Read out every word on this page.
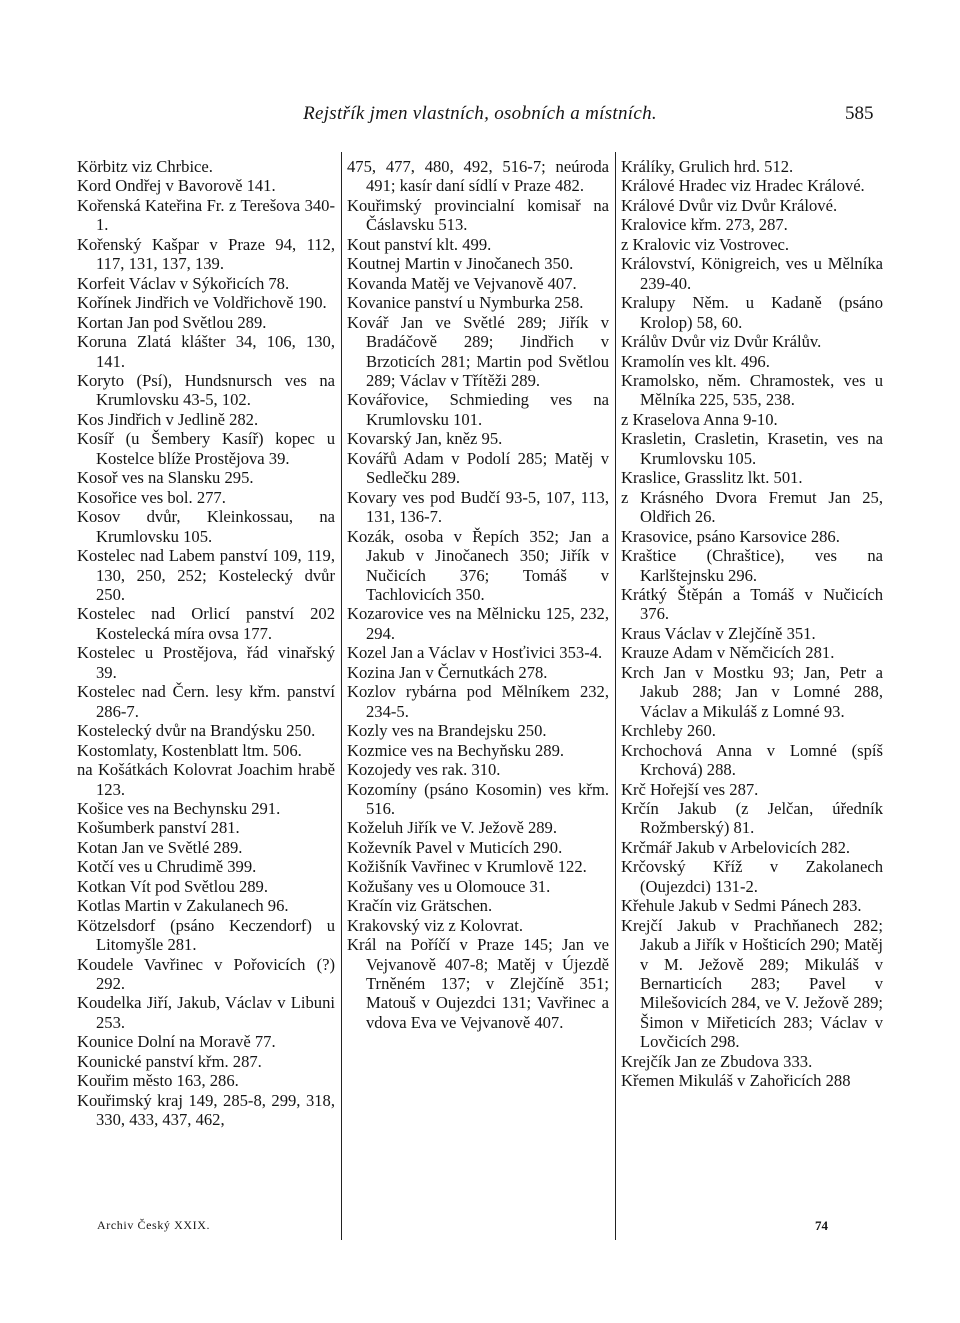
Rejstřík jmen vlastních, osobních a místních.	585
Körbitz viz Chrbice.
Kord Ondřej v Bavorově 141.
Kořenská Kateřina Fr. z Terešova 340-1.
Kořenský Kašpar v Praze 94, 112, 117, 131, 137, 139.
Korfeit Václav v Sýkořicích 78.
Kořínek Jindřich ve Voldřichově 190.
Kortan Jan pod Světlou 289.
Koruna Zlatá klášter 34, 106, 130, 141.
Koryto (Psí), Hundsnursch ves na Krumlovsku 43-5, 102.
Kos Jindřich v Jedlině 282.
Kosíř (u Šembery Kasíř) kopec u Kostelce blíže Prostějova 39.
Kosoř ves na Slansku 295.
Kosořice ves bol. 277.
Kosov dvůr, Kleinkossau, na Krumlovsku 105.
Kostelec nad Labem panství 109, 119, 130, 250, 252; Kostelecký dvůr 250.
Kostelec nad Orlicí panství 202 Kostelecká míra ovsa 177.
Kostelec u Prostějova, řád vinařský 39.
Kostelec nad Čern. lesy křm. panství 286-7.
Kostelecký dvůr na Brandýsku 250.
Kostomlaty, Kostenblatt ltm. 506.
na Košátkách Kolovrat Joachim hrabě 123.
Košice ves na Bechynsku 291.
Košumberk panství 281.
Kotan Jan ve Světlé 289.
Kotčí ves u Chrudimě 399.
Kotkan Vít pod Světlou 289.
Kotlas Martin v Zakulanech 96.
Kötzelsdorf (psáno Keczendorf) u Litomyšle 281.
Koudele Vavřinec v Pořovicích (?) 292.
Koudelka Jiří, Jakub, Václav v Libuni 253.
Kounice Dolní na Moravě 77.
Kounické panství křm. 287.
Kouřim město 163, 286.
Kouřimský kraj 149, 285-8, 299, 318, 330, 433, 437, 462,
475, 477, 480, 492, 516-7; neúroda 491; kasír daní sídlí v Praze 482.
Kouřimský provincialní komisař na Čáslavsku 513.
Kout panství klt. 499.
Koutnej Martin v Jinočanech 350.
Kovanda Matěj ve Vejvanově 407.
Kovanice panství u Nymburka 258.
Kovář Jan ve Světlé 289; Jiřík v Bradáčově 289; Jindřich v Brzoticích 281; Martin pod Světlou 289; Václav v Třítěži 289.
Kovářovice, Schmieding ves na Krumlovsku 101.
Kovarský Jan, kněz 95.
Kovářů Adam v Podolí 285; Matěj v Sedlečku 289.
Kovary ves pod Budčí 93-5, 107, 113, 131, 136-7.
Kozák, osoba v Řepích 352; Jan a Jakub v Jinočanech 350; Jiřík v Nučicích 376; Tomáš v Tachlovicích 350.
Kozarovice ves na Mělnicku 125, 232, 294.
Kozel Jan a Václav v Hosťivici 353-4.
Kozina Jan v Černutkách 278.
Kozlov rybárna pod Mělníkem 232, 234-5.
Kozly ves na Brandejsku 250.
Kozmice ves na Bechyňsku 289.
Kozojedy ves rak. 310.
Kozomíny (psáno Kosomin) ves křm. 516.
Koželuh Jiřík ve V. Ježově 289.
Koževník Pavel v Muticích 290.
Kožišník Vavřinec v Krumlově 122.
Kožušany ves u Olomouce 31.
Kračín viz Grätschen.
Krakovský viz z Kolovrat.
Král na Poříčí v Praze 145; Jan ve Vejvanově 407-8; Matěj v Újezdě Trněném 137; v Zlejčíně 351; Matouš v Oujezdci 131; Vavřinec a vdova Eva ve Vejvanově 407.
Králíky, Grulich hrd. 512.
Králové Hradec viz Hradec Králové.
Králové Dvůr viz Dvůr Králové.
Kralovice křm. 273, 287.
z Kralovic viz Vostrovec.
Království, Königreich, ves u Mělníka 239-40.
Kralupy Něm. u Kadaně (psáno Krolop) 58, 60.
Králův Dvůr viz Dvůr Králův.
Kramolín ves klt. 496.
Kramolsko, něm. Chramostek, ves u Mělníka 225, 535, 238.
z Kraselova Anna 9-10.
Krasletin, Crasletin, Krasetin, ves na Krumlovsku 105.
Kraslice, Grasslitz lkt. 501.
z Krásného Dvora Fremut Jan 25, Oldřich 26.
Krasovice, psáno Karsovice 286.
Kraštice (Chraštice), ves na Karlštejnsku 296.
Krátký Štěpán a Tomáš v Nučicích 376.
Kraus Václav v Zlejčíně 351.
Krauze Adam v Němčicích 281.
Krch Jan v Mostku 93; Jan, Petr a Jakub 288; Jan v Lomné 288, Václav a Mikuláš z Lomné 93.
Krchleby 260.
Krchochová Anna v Lomné (spíš Krchová) 288.
Krč Hořejší ves 287.
Krčín Jakub (z Jelčan, úředník Rožmberský) 81.
Krčmář Jakub v Arbelovicích 282.
Krčovský Kříž v Zakolanech (Oujezdci) 131-2.
Křehule Jakub v Sedmi Pánech 283.
Krejčí Jakub v Prachňanech 282; Jakub a Jiřík v Hošticích 290; Matěj v M. Ježově 289; Mikuláš v Bernarticích 283; Pavel v Milešovicích 284, ve V. Ježově 289; Šimon v Miřeticích 283; Václav v Lovčicích 298.
Krejčík Jan ze Zbudova 333.
Křemen Mikuláš v Zahořicích 288
Archiv Český XXIX.	74
